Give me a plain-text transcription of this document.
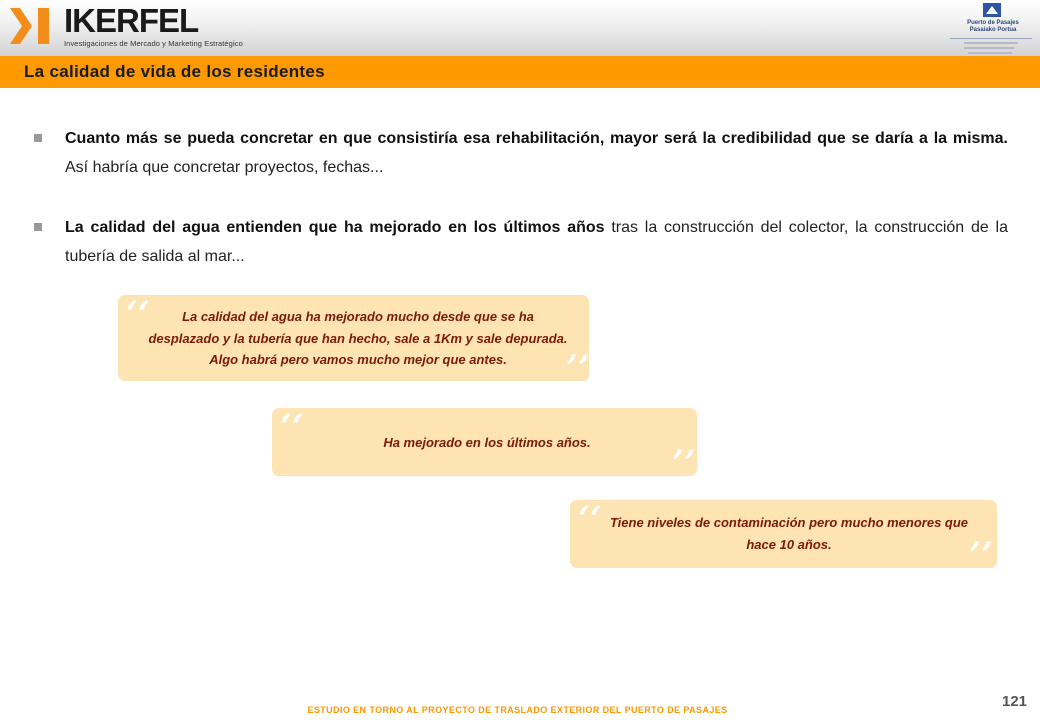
IKERFEL
Investigaciones de Mercado y Marketing Estratégico
Puerto de Pasajes
Pasaiako Portua
La calidad de vida de los residentes

Cuanto más se pueda concretar en que consistiría esa rehabilitación, mayor será la credibilidad que se daría a la misma. Así habría que concretar proyectos, fechas...

La calidad del agua entienden que ha mejorado en los últimos años tras la construcción del colector, la construcción de la tubería de salida al mar...

‘‘	La calidad del agua ha mejorado mucho desde que se ha desplazado y la tubería que han hecho, sale a 1Km y sale depurada. Algo habrá pero vamos mucho mejor que antes.	’’
‘‘	Ha mejorado en los últimos años.

’’
‘‘ Tiene niveles de contaminación pero mucho menores que hace 10 años.	’’
ESTUDIO EN TORNO AL PROYECTO DE TRASLADO EXTERIOR DEL PUERTO DE PASAJES	121
